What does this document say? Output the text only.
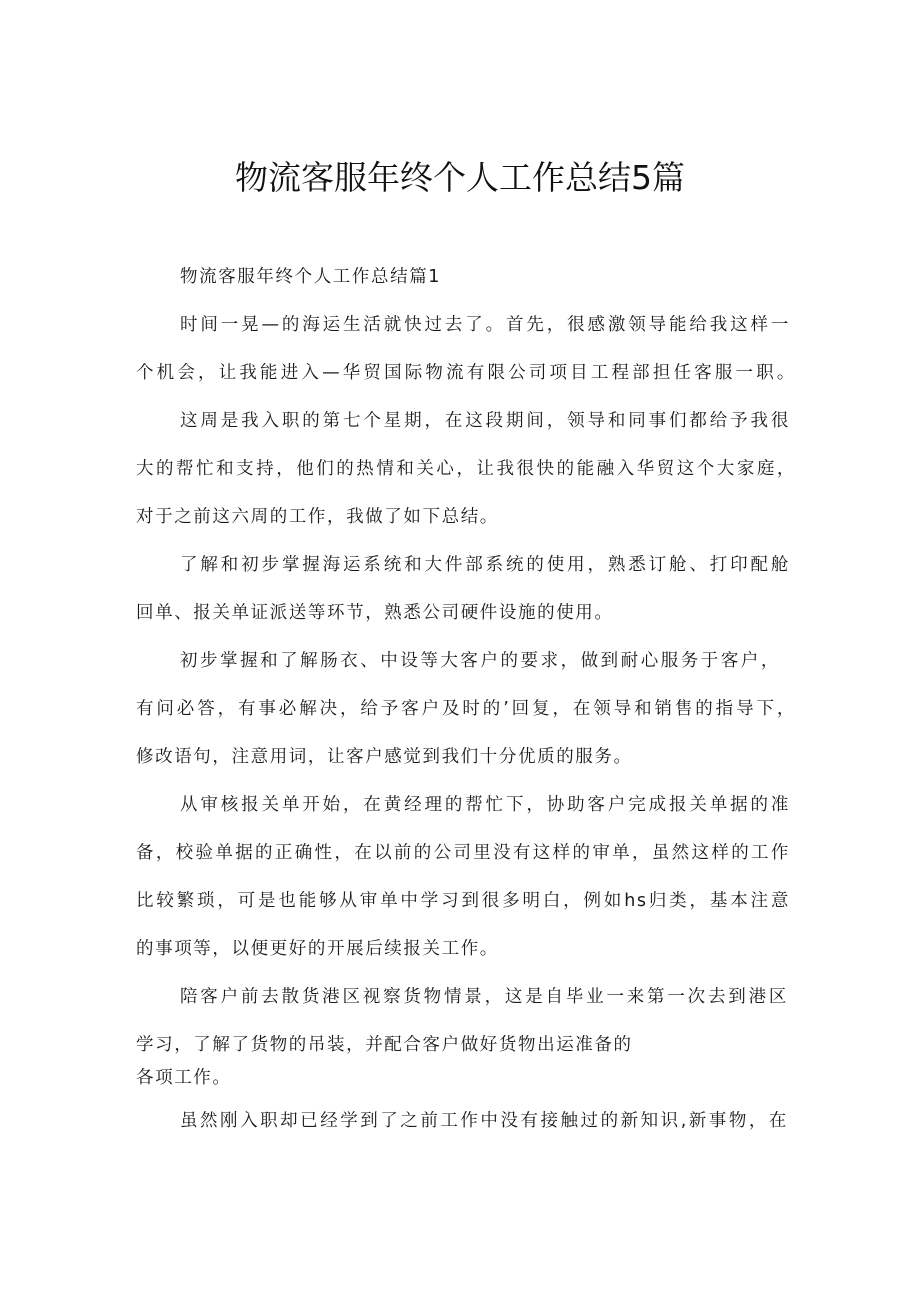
物流客服年终个人工作总结5篇

物流客服年终个人工作总结篇1

时间一晃—的海运生活就快过去了。首先，很感激领导能给我这样一

个机会，让我能进入—华贸国际物流有限公司项目工程部担任客服一职。

这周是我入职的第七个星期，在这段期间，领导和同事们都给予我很

大的帮忙和支持，他们的热情和关心，让我很快的能融入华贸这个大家庭，

对于之前这六周的工作，我做了如下总结。

了解和初步掌握海运系统和大件部系统的使用，熟悉订舱、打印配舱

回单、报关单证派送等环节，熟悉公司硬件设施的使用。

初步掌握和了解肠衣、中设等大客户的要求，做到耐心服务于客户，

有问必答，有事必解决，给予客户及时的’回复，在领导和销售的指导下，

修改语句，注意用词，让客户感觉到我们十分优质的服务。

从审核报关单开始，在黄经理的帮忙下，协助客户完成报关单据的准

备，校验单据的正确性，在以前的公司里没有这样的审单，虽然这样的工作

比较繁琐，可是也能够从审单中学习到很多明白，例如hs归类，基本注意

的事项等，以便更好的开展后续报关工作。

陪客户前去散货港区视察货物情景，这是自毕业一来第一次去到港区

学习，了解了货物的吊装，并配合客户做好货物出运准备的

各项工作。

虽然刚入职却已经学到了之前工作中没有接触过的新知识,新事物，在
